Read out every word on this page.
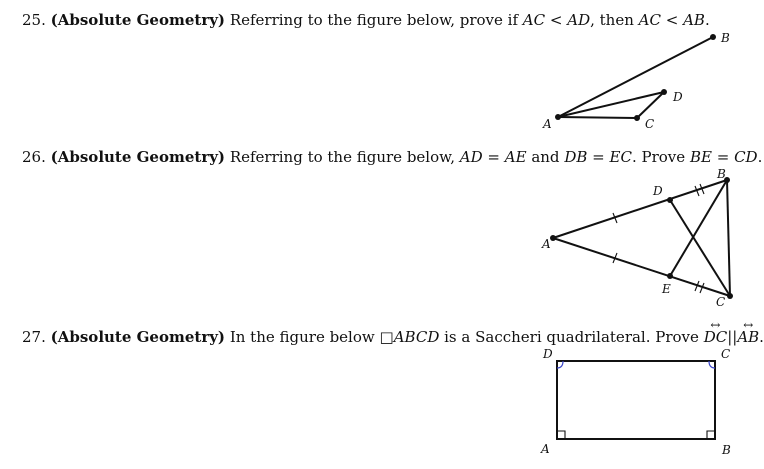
25. (Absolute Geometry) Referring to the figure below, prove if AC < AD, then AC < AB.
26. (Absolute Geometry) Referring to the figure below, AD = AE and DB = EC. Prove BE = CD.
27. (Absolute Geometry) In the figure below □ABCD is a Saccheri quadrilateral. Prove ↔ DC||↔ AB.
A
B
C
D
A
B
C
D
E
A	B
C
D
